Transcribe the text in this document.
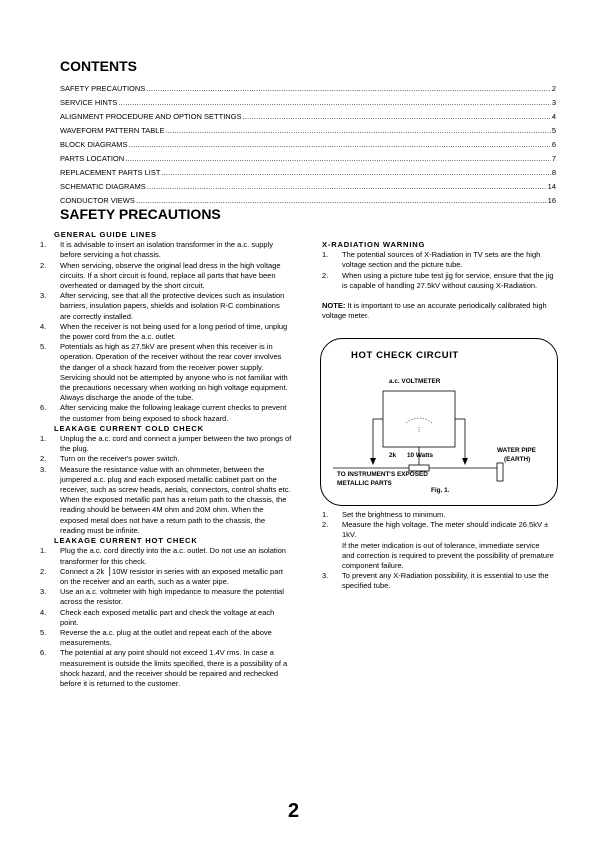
CONTENTS
SAFETY PRECAUTIONS .....	2
SERVICE HINTS .....	3
ALIGNMENT PROCEDURE AND OPTION SETTINGS .....	4
WAVEFORM PATTERN TABLE .....	5
BLOCK DIAGRAMS .....	6
PARTS LOCATION .....	7
REPLACEMENT PARTS LIST .....	8
SCHEMATIC DIAGRAMS .....	14
CONDUCTOR VIEWS .....	16
SAFETY PRECAUTIONS
GENERAL GUIDE LINES
1.	It is advisable to insert an isolation transformer in the a.c. supply before servicing a hot chassis.
2.	When servicing, observe the original lead dress in the high voltage circuits. If a short circuit is found, replace all parts that have been overheated or damaged by the short circuit.
3.	After servicing, see that all the protective devices such as insulation barriers, insulation papers, shields and isolation R-C combinations are correctly installed.
4.	When the receiver is not being used for a long period of time, unplug the power cord from the a.c. outlet.
5.	Potentials as high as 27.5kV are present when this receiver is in operation. Operation of the receiver without the rear cover involves the danger of a shock hazard from the receiver power supply. Servicing should not be attempted by anyone who is not familiar with the precautions necessary when working on high voltage equipment. Always discharge the anode of the tube.
6.	After servicing make the following leakage current checks to prevent the customer from being exposed to shock hazard.
LEAKAGE CURRENT COLD CHECK
1.	Unplug the a.c. cord and connect a jumper between the two prongs of the plug.
2.	Turn on the receiver's power switch.
3.	Measure the resistance value with an ohmmeter, between the jumpered a.c. plug and each exposed metallic cabinet part on the receiver, such as screw heads, aerials, connectors, control shafts etc. When the exposed metallic part has a return path to the chassis, the reading should be between 4M ohm and 20M ohm. When the exposed metal does not have a return path to the chassis, the reading must be infinite.
LEAKAGE CURRENT HOT CHECK
1.	Plug the a.c. cord directly into the a.c. outlet. Do not use an isolation transformer for this check.
2.	Connect a 2k▕ 10W resistor in series with an exposed metallic part on the receiver and an earth, such as a water pipe.
3.	Use an a.c. voltmeter with high impedance to measure the potential across the resistor.
4.	Check each exposed metallic part and check the voltage at each point.
5.	Reverse the a.c. plug at the outlet and repeat each of the above measurements.
6.	The potential at any point should not exceed 1.4V rms. In case a measurement is outside the limits specified, there is a possibility of a shock hazard, and the receiver should be repaired and rechecked before it is returned to the customer.
X-RADIATION WARNING
1.	The potential sources of X-Radiation in TV sets are the high voltage section and the picture tube.
2.	When using a picture tube test jig for service, ensure that the jig is capable of handling 27.5kV without causing X-Radiation.
NOTE: It is important to use an accurate periodically calibrated high voltage meter.
HOT CHECK CIRCUIT
a.c. VOLTMETER
2k 10 Watts
WATER PIPE
(EARTH)
TO INSTRUMENT'S EXPOSED
METALLIC PARTS
Fig. 1.
1.	Set the brightness to minimum.
2.	Measure the high voltage. The meter should indicate 26.5kV ± 1kV.
If the meter indication is out of tolerance, immediate service and correction is required to prevent the possibility of premature component failure.
3.	To prevent any X-Radiation possibility, it is essential to use the specified tube.
2
